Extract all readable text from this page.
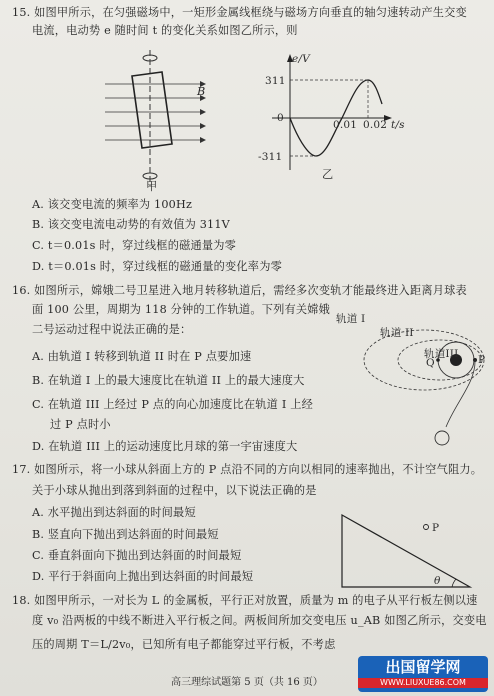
15. 如图甲所示，在匀强磁场中，一矩形金属线框绕与磁场方向垂直的轴匀速转动产生交变
电流，电动势 e 随时间 t 的变化关系如图乙所示，则
B
甲
e/V
311
0
-311
0.01 0.02 t/s
乙
A. 该交变电流的频率为 100Hz
B. 该交变电流电动势的有效值为 311V
C. t＝0.01s 时，穿过线框的磁通量为零
D. t＝0.01s 时，穿过线框的磁通量的变化率为零
16. 如图所示，嫦娥二号卫星进入地月转移轨道后，需经多次变轨才能最终进入距离月球表
面 100 公里，周期为 118 分钟的工作轨道。下列有关嫦娥
二号运动过程中说法正确的是：
轨道 I
轨道 II
轨道III
Q	P
A. 由轨道 I 转移到轨道 II 时在 P 点要加速
B. 在轨道 I 上的最大速度比在轨道 II 上的最大速度大
C. 在轨道 III 上经过 P 点的向心加速度比在轨道 I 上经
过 P 点时小
D. 在轨道 III 上的运动速度比月球的第一宇宙速度大
17. 如图所示，将一小球从斜面上方的 P 点沿不同的方向以相同的速率抛出，不计空气阻力。
关于小球从抛出到落到斜面的过程中，以下说法正确的是
P
θ
A. 水平抛出到达斜面的时间最短
B. 竖直向下抛出到达斜面的时间最短
C. 垂直斜面向下抛出到达斜面的时间最短
D. 平行于斜面向上抛出到达斜面的时间最短
18. 如图甲所示，一对长为 L 的金属板，平行正对放置，质量为 m 的电子从平行板左侧以速
度 v₀ 沿两板的中线不断进入平行板之间。两板间所加交变电压 u_AB 如图乙所示，交变电
压的周期 T＝L/2v₀，已知所有电子都能穿过平行板，不考虑
高三理综试题第 5 页（共 16 页）
出国留学网
WWW.LIUXUE86.COM
